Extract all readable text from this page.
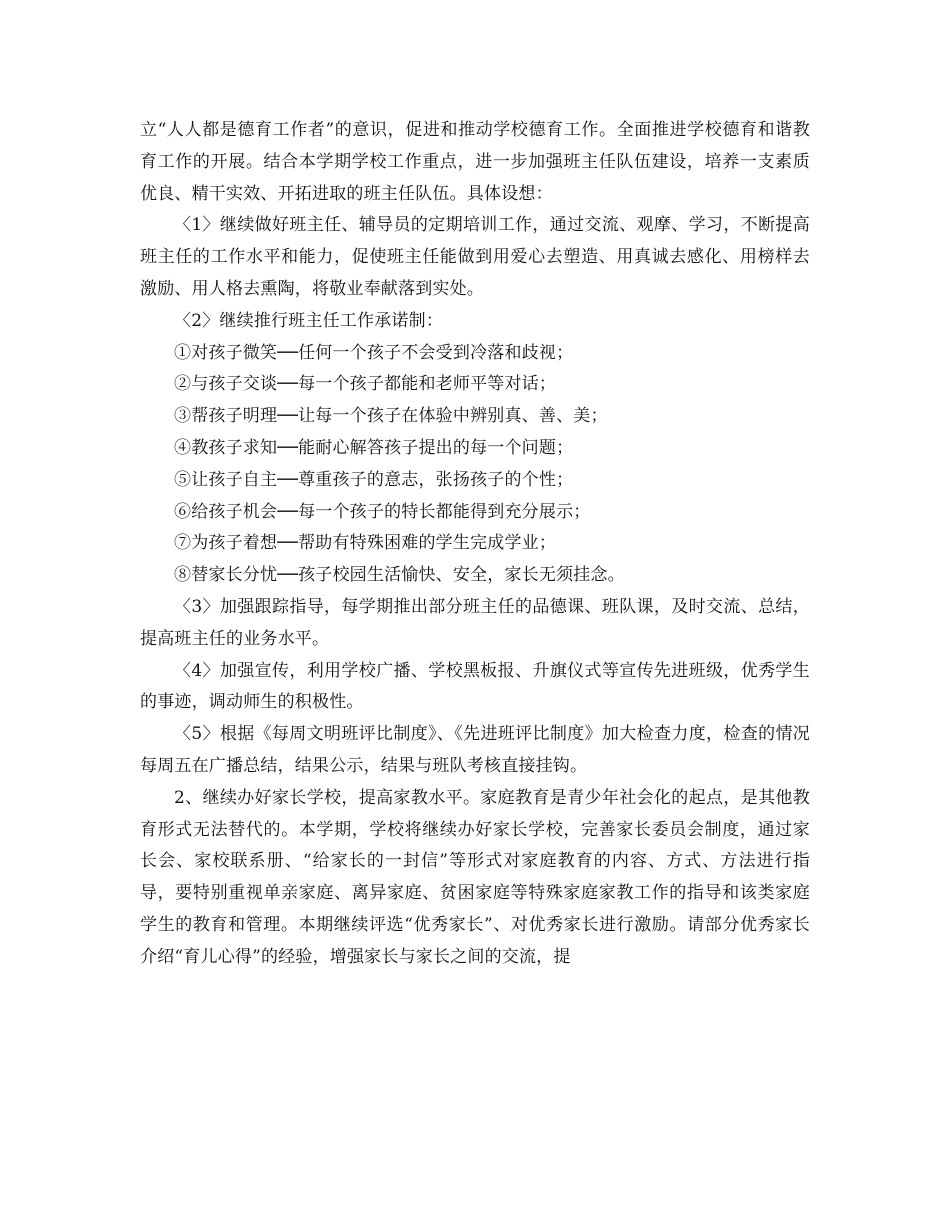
立“人人都是德育工作者”的意识，促进和推动学校德育工作。全面推进学校德育和谐教育工作的开展。结合本学期学校工作重点，进一步加强班主任队伍建设，培养一支素质优良、精干实效、开拓进取的班主任队伍。具体设想：

〈1〉继续做好班主任、辅导员的定期培训工作，通过交流、观摩、学习，不断提高班主任的工作水平和能力，促使班主任能做到用爱心去塑造、用真诚去感化、用榜样去激励、用人格去熏陶，将敬业奉献落到实处。

〈2〉继续推行班主任工作承诺制：

①对孩子微笑──任何一个孩子不会受到冷落和歧视；

②与孩子交谈──每一个孩子都能和老师平等对话；

③帮孩子明理──让每一个孩子在体验中辨别真、善、美；

④教孩子求知──能耐心解答孩子提出的每一个问题；

⑤让孩子自主──尊重孩子的意志，张扬孩子的个性；

⑥给孩子机会──每一个孩子的特长都能得到充分展示；

⑦为孩子着想──帮助有特殊困难的学生完成学业；

⑧替家长分忧──孩子校园生活愉快、安全，家长无须挂念。

〈3〉加强跟踪指导，每学期推出部分班主任的品德课、班队课，及时交流、总结，提高班主任的业务水平。

〈4〉加强宣传，利用学校广播、学校黑板报、升旗仪式等宣传先进班级，优秀学生的事迹，调动师生的积极性。

〈5〉根据《每周文明班评比制度》、《先进班评比制度》加大检查力度，检查的情况每周五在广播总结，结果公示，结果与班队考核直接挂钩。

2、继续办好家长学校，提高家教水平。家庭教育是青少年社会化的起点，是其他教育形式无法替代的。本学期，学校将继续办好家长学校，完善家长委员会制度，通过家长会、家校联系册、“给家长的一封信”等形式对家庭教育的内容、方式、方法进行指导，要特别重视单亲家庭、离异家庭、贫困家庭等特殊家庭家教工作的指导和该类家庭学生的教育和管理。本期继续评选“优秀家长”、对优秀家长进行激励。请部分优秀家长介绍“育儿心得”的经验，增强家长与家长之间的交流，提
